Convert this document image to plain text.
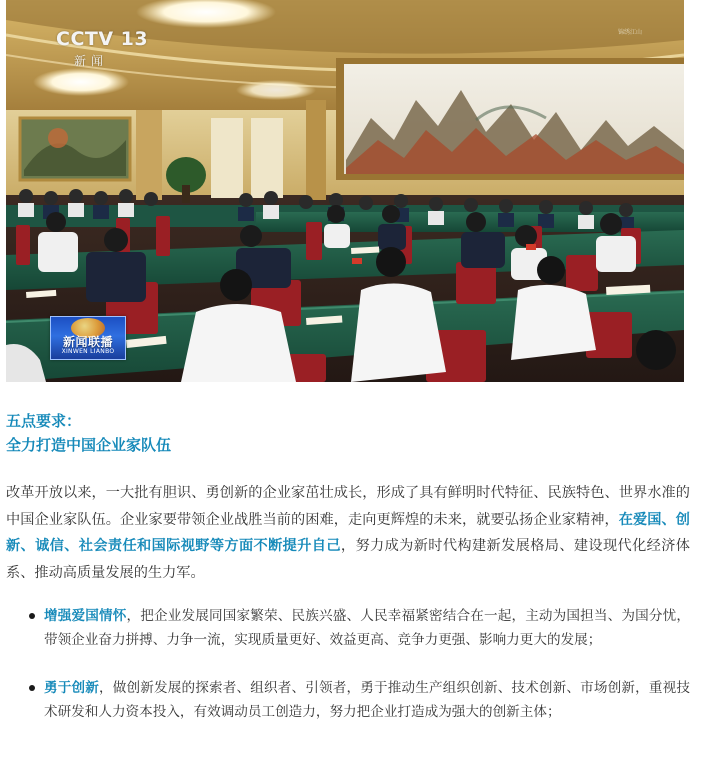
CCTV 13
新闻
锦绣江山
新闻联播
XINWEN LIANBO
五点要求：
全力打造中国企业家队伍

改革开放以来，一大批有胆识、勇创新的企业家茁壮成长，形成了具有鲜明时代特征、民族特色、世界水准的中国企业家队伍。企业家要带领企业战胜当前的困难，走向更辉煌的未来，就要弘扬企业家精神，在爱国、创新、诚信、社会责任和国际视野等方面不断提升自己，努力成为新时代构建新发展格局、建设现代化经济体系、推动高质量发展的生力军。

增强爱国情怀，把企业发展同国家繁荣、民族兴盛、人民幸福紧密结合在一起，主动为国担当、为国分忧，带领企业奋力拼搏、力争一流，实现质量更好、效益更高、竞争力更强、影响力更大的发展；
勇于创新，做创新发展的探索者、组织者、引领者，勇于推动生产组织创新、技术创新、市场创新，重视技术研发和人力资本投入，有效调动员工创造力，努力把企业打造成为强大的创新主体；
